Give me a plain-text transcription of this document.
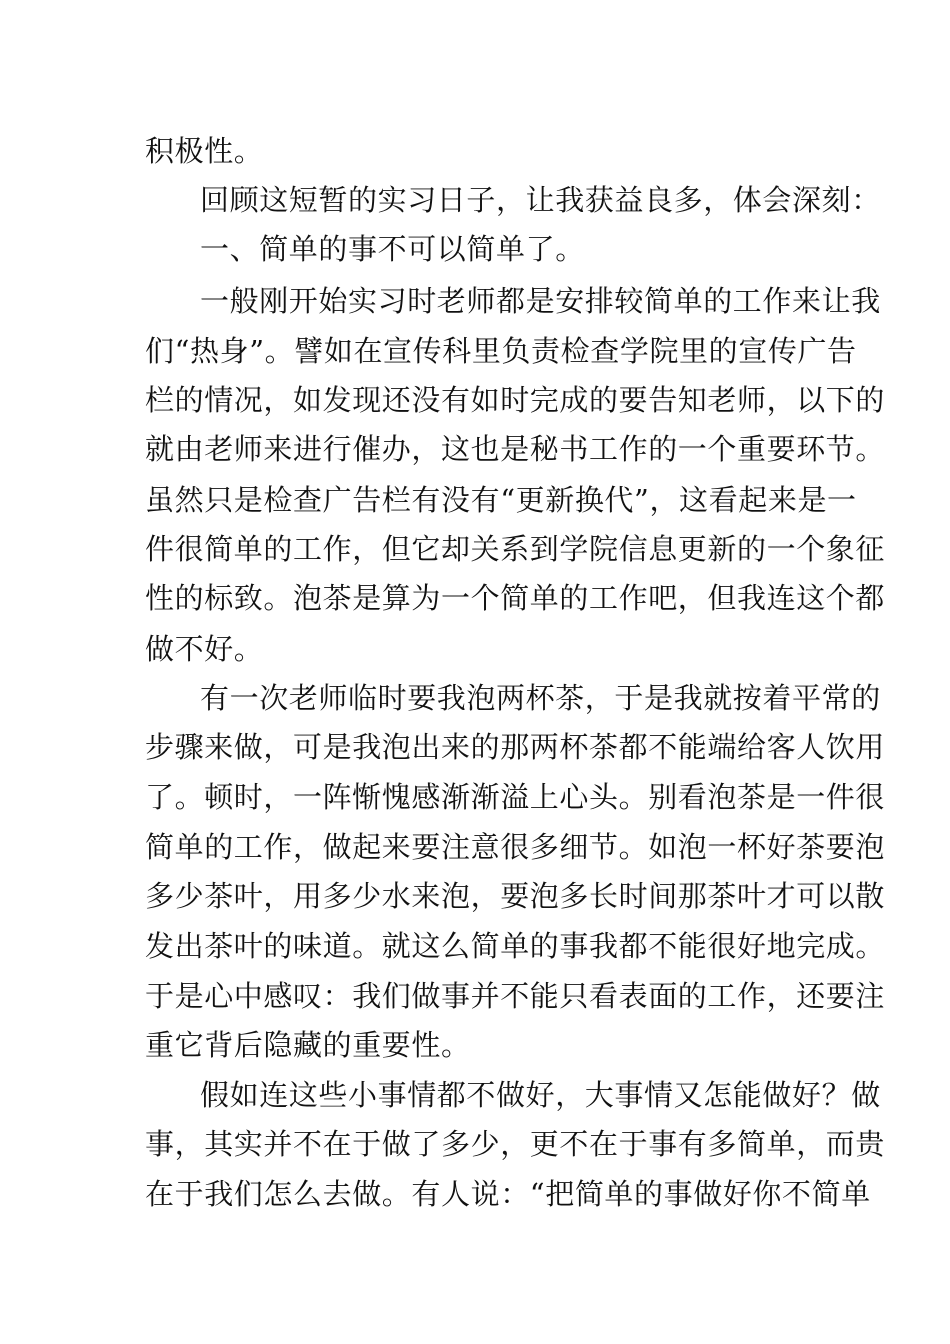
积极性。
回顾这短暂的实习日子，让我获益良多，体会深刻：
一、简单的事不可以简单了。
一般刚开始实习时老师都是安排较简单的工作来让我
们“热身”。譬如在宣传科里负责检查学院里的宣传广告
栏的情况，如发现还没有如时完成的要告知老师，以下的
就由老师来进行催办，这也是秘书工作的一个重要环节。
虽然只是检查广告栏有没有“更新换代”，这看起来是一
件很简单的工作，但它却关系到学院信息更新的一个象征
性的标致。泡茶是算为一个简单的工作吧，但我连这个都
做不好。
有一次老师临时要我泡两杯茶，于是我就按着平常的
步骤来做，可是我泡出来的那两杯茶都不能端给客人饮用
了。顿时，一阵惭愧感渐渐溢上心头。别看泡茶是一件很
简单的工作，做起来要注意很多细节。如泡一杯好茶要泡
多少茶叶，用多少水来泡，要泡多长时间那茶叶才可以散
发出茶叶的味道。就这么简单的事我都不能很好地完成。
于是心中感叹：我们做事并不能只看表面的工作，还要注
重它背后隐藏的重要性。
假如连这些小事情都不做好，大事情又怎能做好？做
事，其实并不在于做了多少，更不在于事有多简单，而贵
在于我们怎么去做。有人说：“把简单的事做好你不简单
